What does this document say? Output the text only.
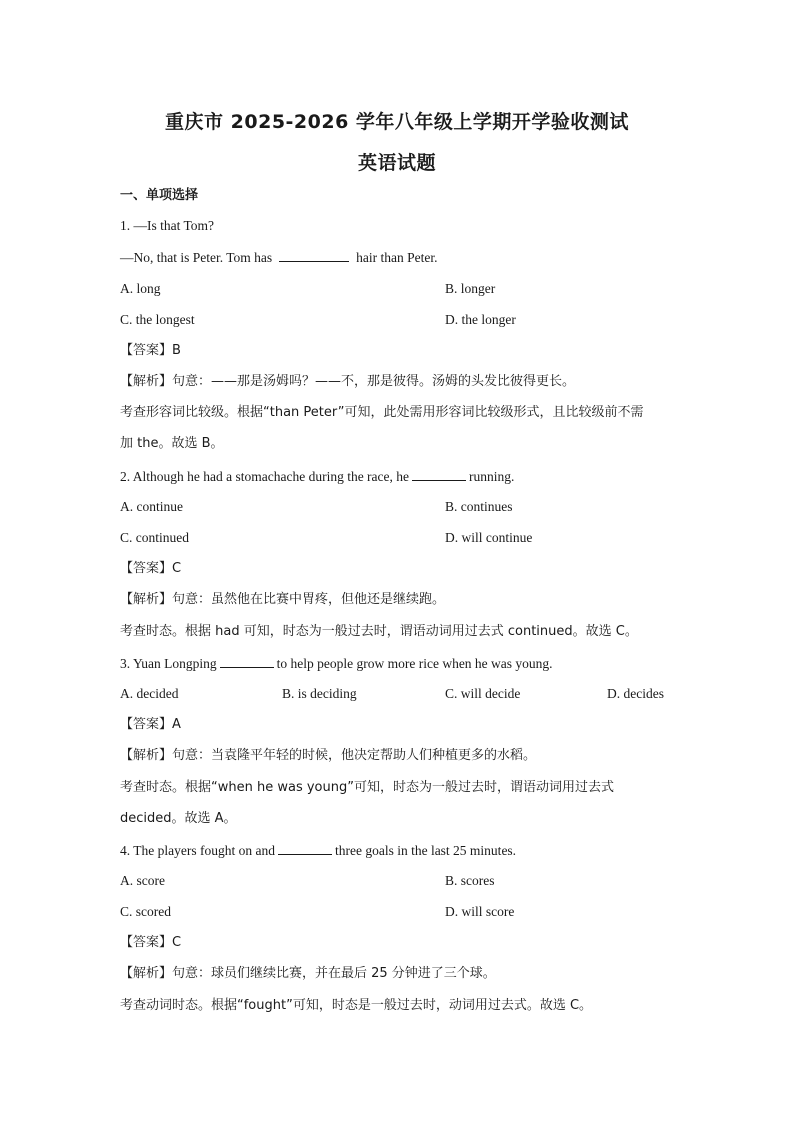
重庆市 2025-2026 学年八年级上学期开学验收测试
英语试题
一、单项选择
1. —Is that Tom?
—No, that is Peter. Tom has	hair than Peter.
A. long	B. longer
C. the longest	D. the longer
【答案】B
【解析】句意：——那是汤姆吗？——不，那是彼得。汤姆的头发比彼得更长。
考查形容词比较级。根据“than Peter”可知，此处需用形容词比较级形式，且比较级前不需
加 the。故选 B。
2. Although he had a stomachache during the race, he	running.
A. continue	B. continues
C. continued	D. will continue
【答案】C
【解析】句意：虽然他在比赛中胃疼，但他还是继续跑。
考查时态。根据 had 可知，时态为一般过去时，谓语动词用过去式 continued。故选 C。
3. Yuan Longping	to help people grow more rice when he was young.
A. decided	B. is deciding	C. will decide	D. decides
【答案】A
【解析】句意：当袁隆平年轻的时候，他决定帮助人们种植更多的水稻。
考查时态。根据“when he was young”可知，时态为一般过去时，谓语动词用过去式
decided。故选 A。
4. The players fought on and	three goals in the last 25 minutes.
A. score	B. scores
C. scored	D. will score
【答案】C
【解析】句意：球员们继续比赛，并在最后 25 分钟进了三个球。
考查动词时态。根据“fought”可知，时态是一般过去时，动词用过去式。故选 C。
